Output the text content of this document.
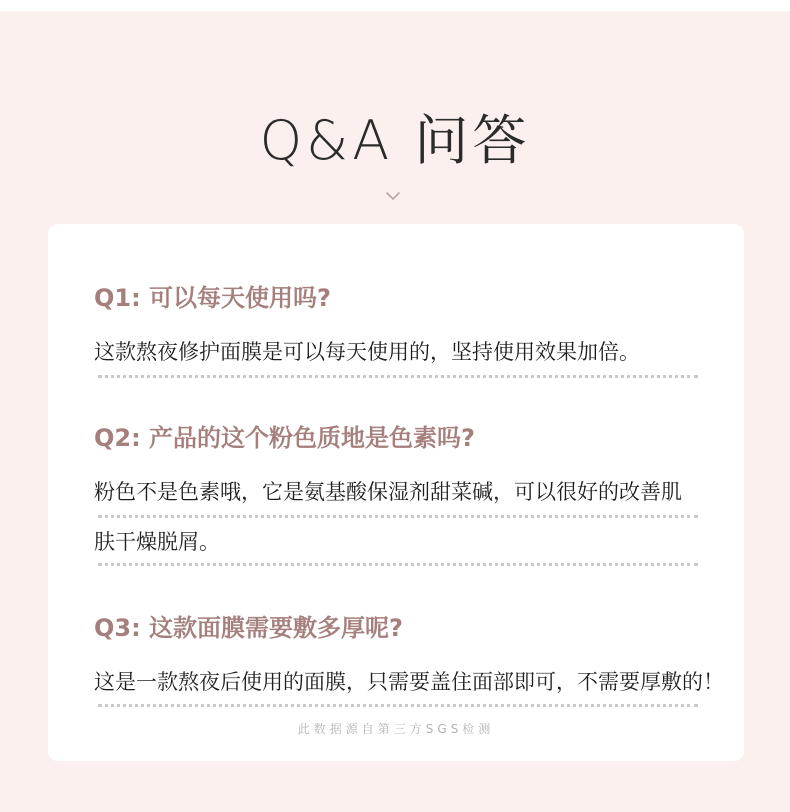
Q&A 问答
Q1: 可以每天使用吗?
这款熬夜修护面膜是可以每天使用的，坚持使用效果加倍。
Q2: 产品的这个粉色质地是色素吗?
粉色不是色素哦，它是氨基酸保湿剂甜菜碱，可以很好的改善肌
肤干燥脱屑。
Q3: 这款面膜需要敷多厚呢?
这是一款熬夜后使用的面膜，只需要盖住面部即可，不需要厚敷的！
此数据源自第三方SGS检测
